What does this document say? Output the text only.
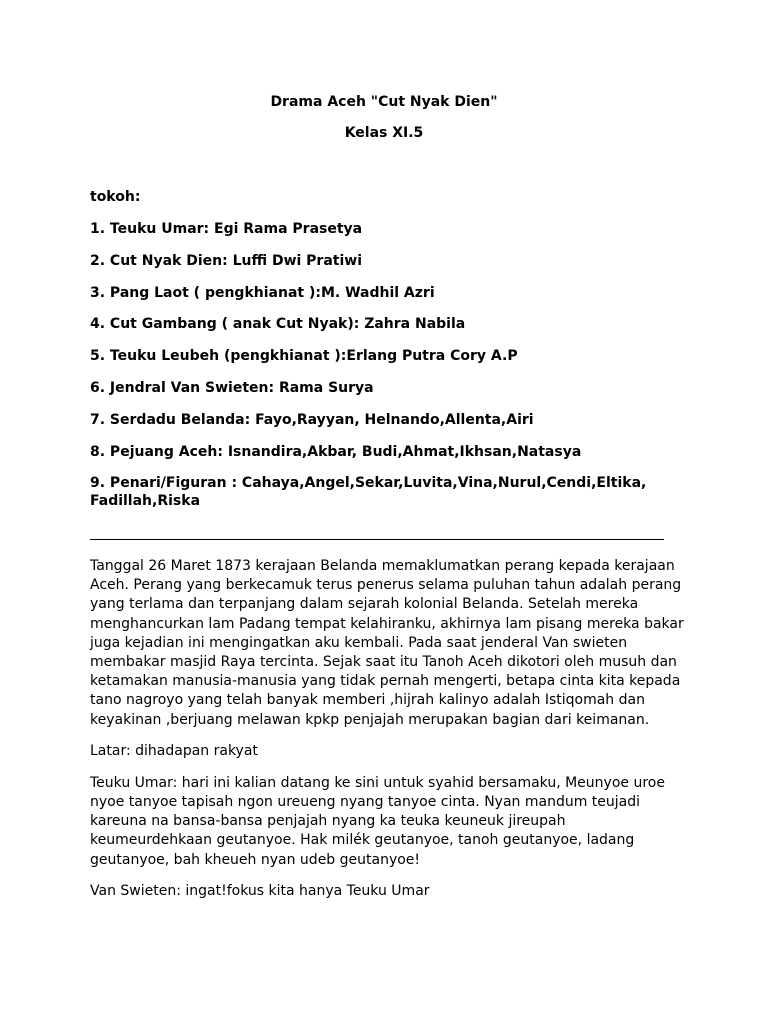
Drama Aceh "Cut Nyak Dien"

Kelas XI.5

tokoh:

1. Teuku Umar: Egi Rama Prasetya

2. Cut Nyak Dien: Luffi Dwi Pratiwi

3. Pang Laot ( pengkhianat ):M. Wadhil Azri

4. Cut Gambang ( anak Cut Nyak): Zahra Nabila

5. Teuku Leubeh (pengkhianat ):Erlang Putra Cory A.P

6. Jendral Van Swieten: Rama Surya

7. Serdadu Belanda: Fayo,Rayyan, Helnando,Allenta,Airi

8. Pejuang Aceh: Isnandira,Akbar, Budi,Ahmat,Ikhsan,Natasya

9. Penari/Figuran : Cahaya,Angel,Sekar,Luvita,Vina,Nurul,Cendi,Eltika, Fadillah,Riska

Tanggal 26 Maret 1873 kerajaan Belanda memaklumatkan perang kepada kerajaan Aceh. Perang yang berkecamuk terus penerus selama puluhan tahun adalah perang yang terlama dan terpanjang dalam sejarah kolonial Belanda. Setelah mereka menghancurkan lam Padang tempat kelahiranku, akhirnya lam pisang mereka bakar juga kejadian ini mengingatkan aku kembali. Pada saat jenderal Van swieten membakar masjid Raya tercinta. Sejak saat itu Tanoh Aceh dikotori oleh musuh dan ketamakan manusia-manusia yang tidak pernah mengerti, betapa cinta kita kepada tano nagroyo yang telah banyak memberi ,hijrah kalinyo adalah Istiqomah dan keyakinan ,berjuang melawan kpkp penjajah merupakan bagian dari keimanan.

Latar: dihadapan rakyat

Teuku Umar: hari ini kalian datang ke sini untuk syahid bersamaku, Meunyoe uroe nyoe tanyoe tapisah ngon ureueng nyang tanyoe cinta. Nyan mandum teujadi kareuna na bansa-bansa penjajah nyang ka teuka keuneuk jireupah keumeurdehkaan geutanyoe. Hak milék geutanyoe, tanoh geutanyoe, ladang geutanyoe, bah kheueh nyan udeb geutanyoe!

Van Swieten: ingat!fokus kita hanya Teuku Umar
